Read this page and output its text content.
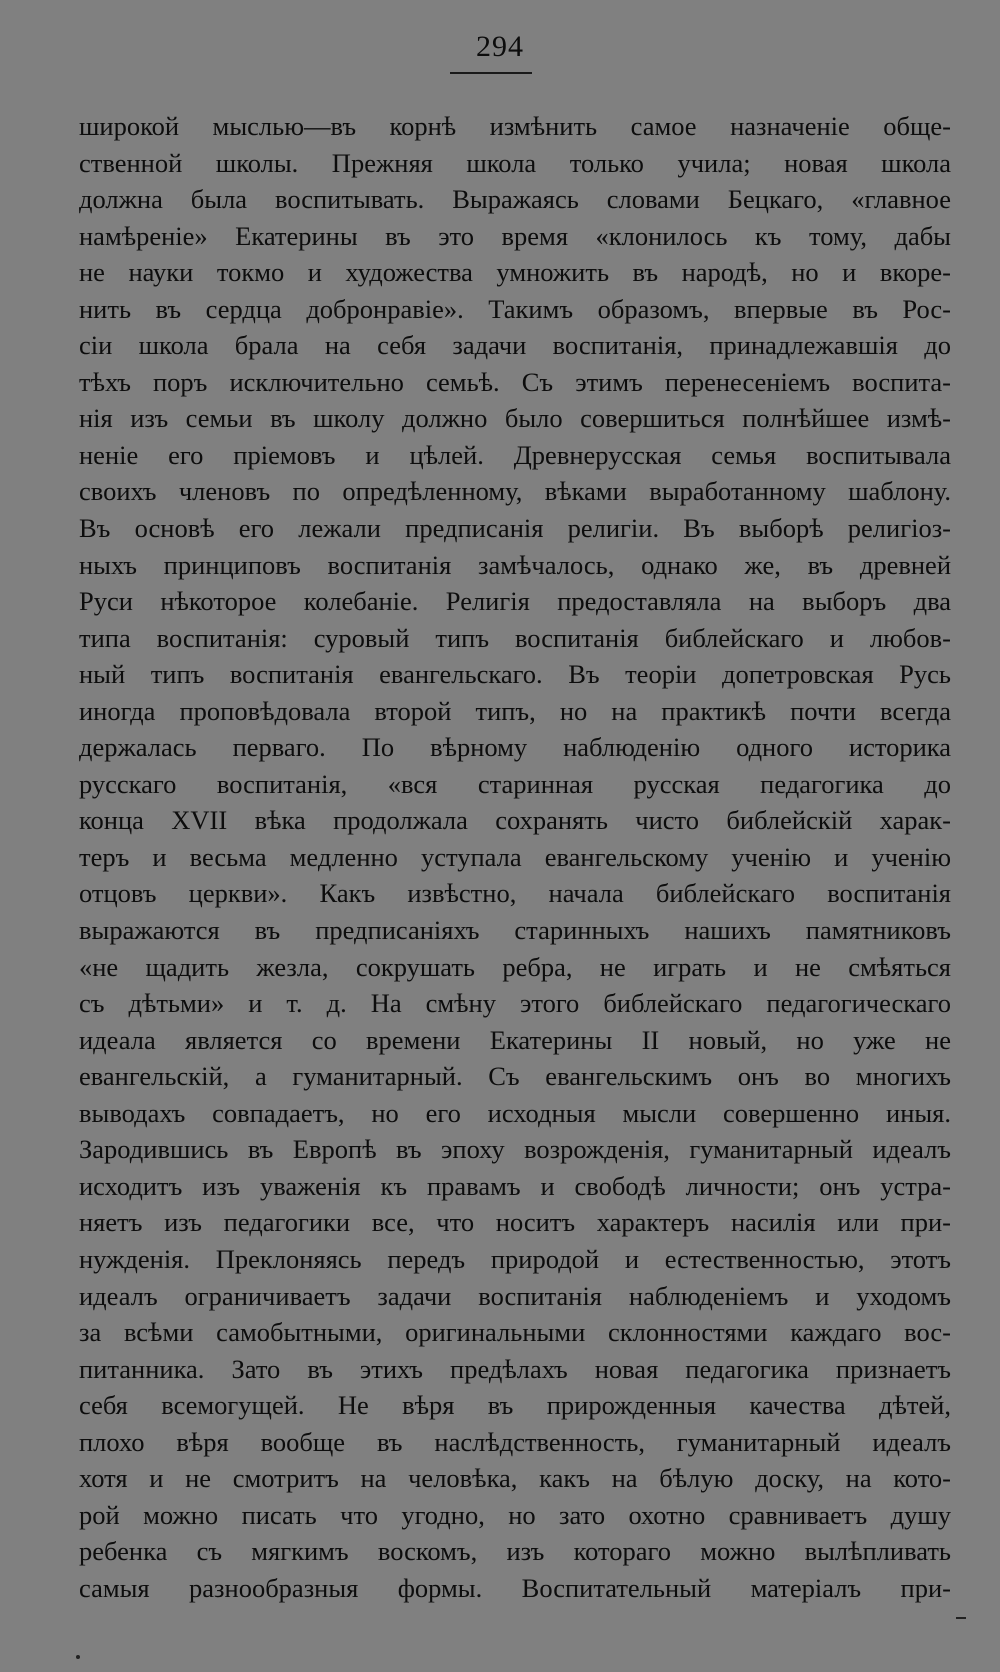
294
широкой мыслью—въ корнѣ измѣнить самое назначеніе обще-
ственной школы. Прежняя школа только учила; новая школа
должна была воспитывать. Выражаясь словами Бецкаго, «главное
намѣреніе» Екатерины въ это время «клонилось къ тому, дабы
не науки токмо и художества умножить въ народѣ, но и вкоре-
нить въ сердца добронравіе». Такимъ образомъ, впервые въ Рос-
сіи школа брала на себя задачи воспитанія, принадлежавшія до
тѣхъ поръ исключительно семьѣ. Съ этимъ перенесеніемъ воспита-
нія изъ семьи въ школу должно было совершиться полнѣйшее измѣ-
неніе его пріемовъ и цѣлей. Древнерусская семья воспитывала
своихъ членовъ по опредѣленному, вѣками выработанному шаблону.
Въ основѣ его лежали предписанія религіи. Въ выборѣ религіоз-
ныхъ принциповъ воспитанія замѣчалось, однако же, въ древней
Руси нѣкоторое колебаніе. Религія предоставляла на выборъ два
типа воспитанія: суровый типъ воспитанія библейскаго и любов-
ный типъ воспитанія евангельскаго. Въ теоріи допетровская Русь
иногда проповѣдовала второй типъ, но на практикѣ почти всегда
держалась перваго. По вѣрному наблюденію одного историка
русскаго воспитанія, «вся старинная русская педагогика до
конца XVII вѣка продолжала сохранять чисто библейскій харак-
теръ и весьма медленно уступала евангельскому ученію и ученію
отцовъ церкви». Какъ извѣстно, начала библейскаго воспитанія
выражаются въ предписаніяхъ старинныхъ нашихъ памятниковъ
«не щадить жезла, сокрушать ребра, не играть и не смѣяться
съ дѣтьми» и т. д. На смѣну этого библейскаго педагогическаго
идеала является со времени Екатерины II новый, но уже не
евангельскій, а гуманитарный. Съ евангельскимъ онъ во многихъ
выводахъ совпадаетъ, но его исходныя мысли совершенно иныя.
Зародившись въ Европѣ въ эпоху возрожденія, гуманитарный идеалъ
исходитъ изъ уваженія къ правамъ и свободѣ личности; онъ устра-
няетъ изъ педагогики все, что носитъ характеръ насилія или при-
нужденія. Преклоняясь передъ природой и естественностью, этотъ
идеалъ ограничиваетъ задачи воспитанія наблюденіемъ и уходомъ
за всѣми самобытными, оригинальными склонностями каждаго вос-
питанника. Зато въ этихъ предѣлахъ новая педагогика признаетъ
себя всемогущей. Не вѣря въ прирожденныя качества дѣтей,
плохо вѣря вообще въ наслѣдственность, гуманитарный идеалъ
хотя и не смотритъ на человѣка, какъ на бѣлую доску, на кото-
рой можно писать что угодно, но зато охотно сравниваетъ душу
ребенка съ мягкимъ воскомъ, изъ котораго можно вылѣпливать
самыя разнообразныя формы. Воспитательный матеріалъ при-
